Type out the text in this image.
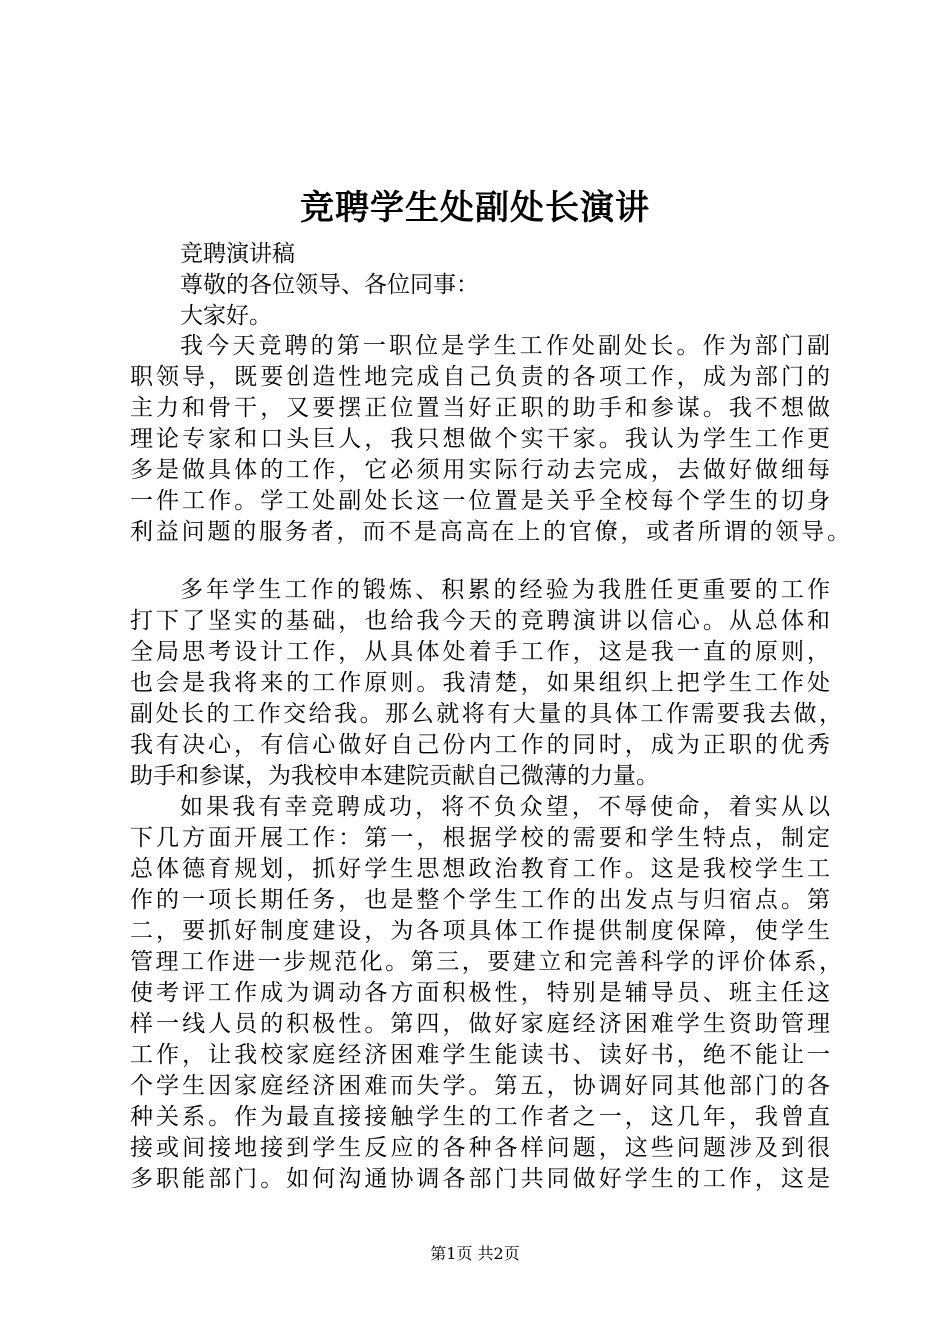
竞聘学生处副处长演讲
竞聘演讲稿
尊敬的各位领导、各位同事：
大家好。
我今天竞聘的第一职位是学生工作处副处长。作为部门副
职领导，既要创造性地完成自己负责的各项工作，成为部门的
主力和骨干，又要摆正位置当好正职的助手和参谋。我不想做
理论专家和口头巨人，我只想做个实干家。我认为学生工作更
多是做具体的工作，它必须用实际行动去完成，去做好做细每
一件工作。学工处副处长这一位置是关乎全校每个学生的切身
利益问题的服务者，而不是高高在上的官僚，或者所谓的领导。
多年学生工作的锻炼、积累的经验为我胜任更重要的工作
打下了坚实的基础，也给我今天的竞聘演讲以信心。从总体和
全局思考设计工作，从具体处着手工作，这是我一直的原则，
也会是我将来的工作原则。我清楚，如果组织上把学生工作处
副处长的工作交给我。那么就将有大量的具体工作需要我去做，
我有决心，有信心做好自己份内工作的同时，成为正职的优秀
助手和参谋，为我校申本建院贡献自己微薄的力量。
如果我有幸竞聘成功，将不负众望，不辱使命，着实从以
下几方面开展工作：第一，根据学校的需要和学生特点，制定
总体德育规划，抓好学生思想政治教育工作。这是我校学生工
作的一项长期任务，也是整个学生工作的出发点与归宿点。第
二，要抓好制度建设，为各项具体工作提供制度保障，使学生
管理工作进一步规范化。第三，要建立和完善科学的评价体系，
使考评工作成为调动各方面积极性，特别是辅导员、班主任这
样一线人员的积极性。第四，做好家庭经济困难学生资助管理
工作，让我校家庭经济困难学生能读书、读好书，绝不能让一
个学生因家庭经济困难而失学。第五，协调好同其他部门的各
种关系。作为最直接接触学生的工作者之一，这几年，我曾直
接或间接地接到学生反应的各种各样问题，这些问题涉及到很
多职能部门。如何沟通协调各部门共同做好学生的工作，这是
第1页 共2页
